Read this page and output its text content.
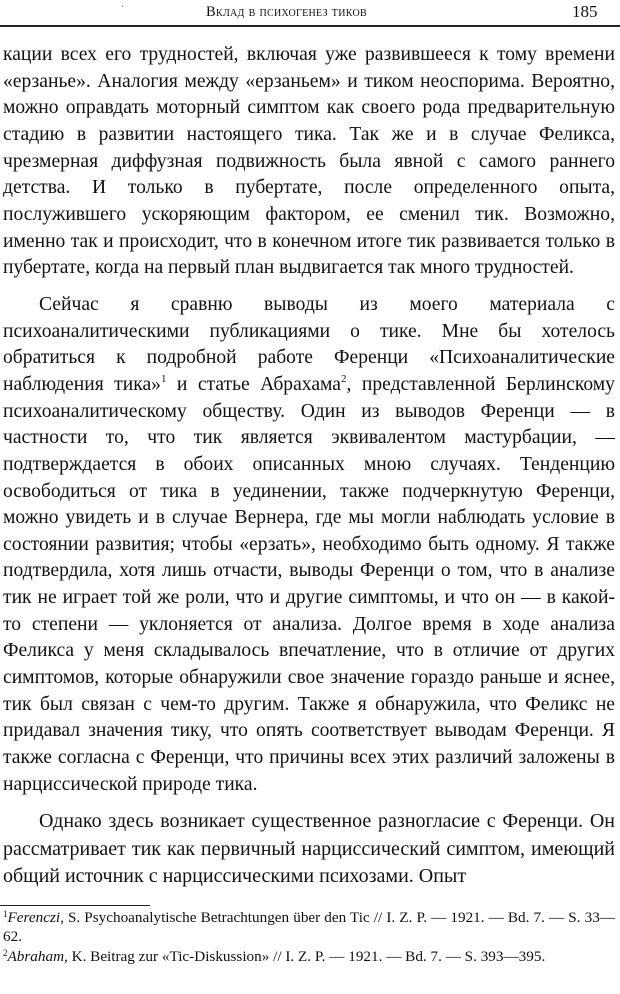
·	Вклад в психогенез тиков	185

кации всех его трудностей, включая уже развившееся к тому времени «ерзанье». Аналогия между «ерзаньем» и тиком неоспорима. Вероятно, можно оправдать моторный симптом как своего рода предварительную стадию в развитии настоящего тика. Так же и в случае Феликса, чрезмерная диффузная подвижность была явной с самого раннего детства. И только в пубертате, после определенного опыта, послужившего ускоряющим фактором, ее сменил тик. Возможно, именно так и происходит, что в конечном итоге тик развивается только в пубертате, когда на первый план выдвигается так много трудностей.

Сейчас я сравню выводы из моего материала с психоаналитическими публикациями о тике. Мне бы хотелось обратиться к подробной работе Ференци «Психоаналитические наблюдения тика»$^1$ и статье Абрахама$^2$, представленной Берлинскому психоаналитическому обществу. Один из выводов Ференци — в частности то, что тик является эквивалентом мастурбации, — подтверждается в обоих описанных мною случаях. Тенденцию освободиться от тика в уединении, также подчеркнутую Ференци, можно увидеть и в случае Вернера, где мы могли наблюдать условие в состоянии развития; чтобы «ерзать», необходимо быть одному. Я также подтвердила, хотя лишь отчасти, выводы Ференци о том, что в анализе тик не играет той же роли, что и другие симптомы, и что он — в какой-то степени — уклоняется от анализа. Долгое время в ходе анализа Феликса у меня складывалось впечатление, что в отличие от других симптомов, которые обнаружили свое значение гораздо раньше и яснее, тик был связан с чем-то другим. Также я обнаружила, что Феликс не придавал значения тику, что опять соответствует выводам Ференци. Я также согласна с Ференци, что причины всех этих различий заложены в нарциссической природе тика.

Однако здесь возникает существенное разногласие с Ференци. Он рассматривает тик как первичный нарциссический симптом, имеющий общий источник с нарциссическими психозами. Опыт

$^1$Ferenczi, S. Psychoanalytische Betrachtungen über den Tic // I. Z. P. — 1921. — Bd. 7. — S. 33—62.

$^2$Abraham, K. Beitrag zur «Tic-Diskussion» // I. Z. P. — 1921. — Bd. 7. — S. 393—395.
